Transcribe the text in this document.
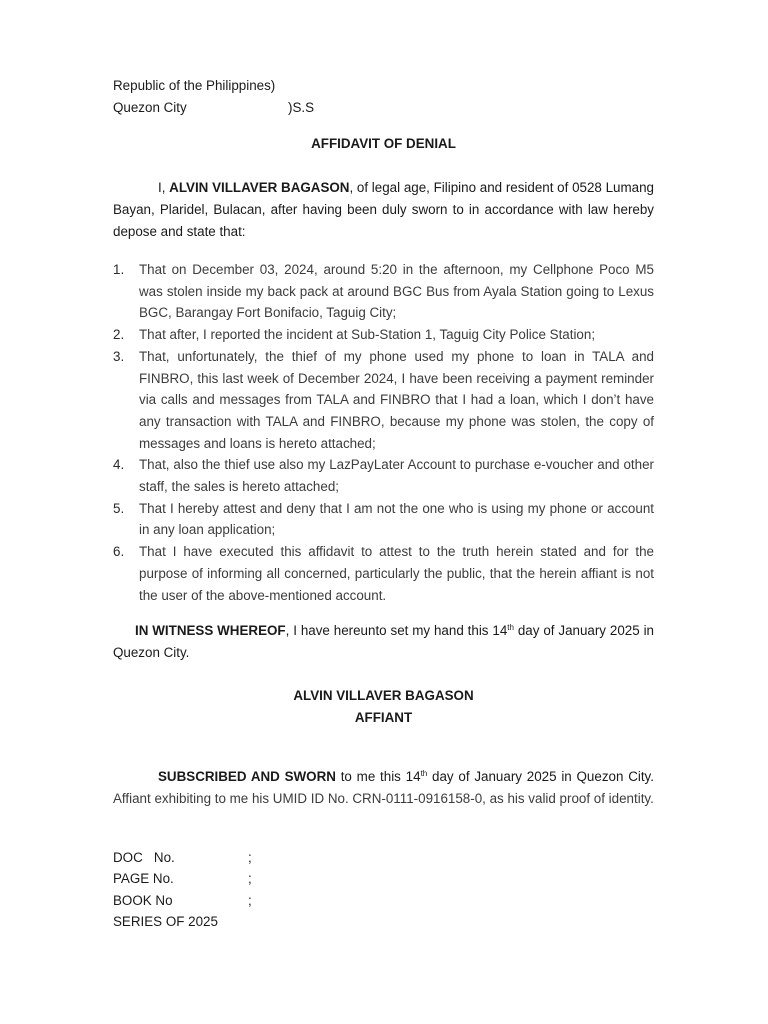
Republic of the Philippines)
Quezon City	)S.S
AFFIDAVIT OF DENIAL
I, ALVIN VILLAVER BAGASON, of legal age, Filipino and resident of 0528 Lumang Bayan, Plaridel, Bulacan, after having been duly sworn to in accordance with law hereby depose and state that:
1. That on December 03, 2024, around 5:20 in the afternoon, my Cellphone Poco M5 was stolen inside my back pack at around BGC Bus from Ayala Station going to Lexus BGC, Barangay Fort Bonifacio, Taguig City;
2. That after, I reported the incident at Sub-Station 1, Taguig City Police Station;
3. That, unfortunately, the thief of my phone used my phone to loan in TALA and FINBRO, this last week of December 2024, I have been receiving a payment reminder via calls and messages from TALA and FINBRO that I had a loan, which I don’t have any transaction with TALA and FINBRO, because my phone was stolen, the copy of messages and loans is hereto attached;
4. That, also the thief use also my LazPayLater Account to purchase e-voucher and other staff, the sales is hereto attached;
5. That I hereby attest and deny that I am not the one who is using my phone or account in any loan application;
6. That I have executed this affidavit to attest to the truth herein stated and for the purpose of informing all concerned, particularly the public, that the herein affiant is not the user of the above-mentioned account.
IN WITNESS WHEREOF, I have hereunto set my hand this 14th day of January 2025 in Quezon City.
ALVIN VILLAVER BAGASON
AFFIANT
SUBSCRIBED AND SWORN to me this 14th day of January 2025 in Quezon City. Affiant exhibiting to me his UMID ID No. CRN-0111-0916158-0, as his valid proof of identity.
DOC   No.	;
PAGE No.	;
BOOK No	;
SERIES OF 2025
